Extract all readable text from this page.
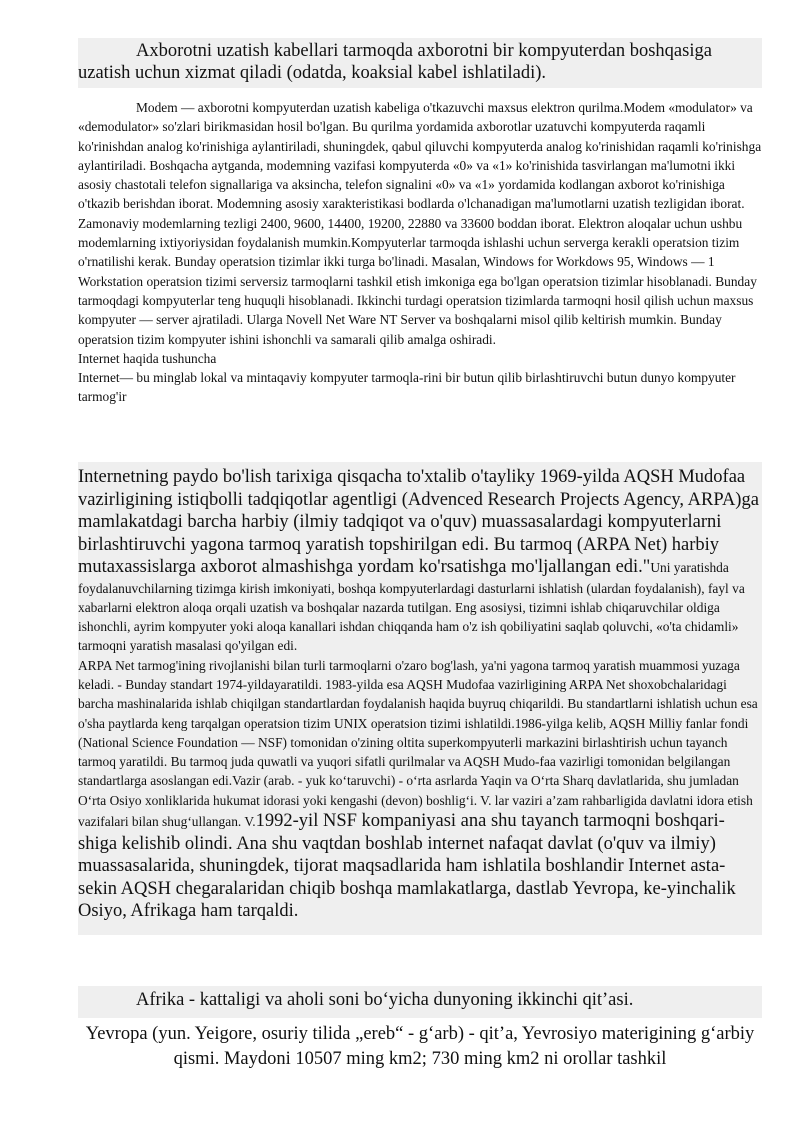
Axborotni uzatish kabellari tarmoqda axborotni bir kompyuterdan boshqasiga uzatish uchun xizmat qiladi (odatda, koaksial kabel ishlatiladi).

Modem — axborotni kompyuterdan uzatish kabeliga o'tkazuvchi maxsus elektron qurilma.Modem «modulator» va «demodulator» so'zlari birikmasidan hosil bo'lgan. Bu qurilma yordamida axborotlar uzatuvchi kompyuterda raqamli ko'rinishdan analog ko'rinishiga aylantiriladi, shuningdek, qabul qiluvchi kompyuterda analog ko'rinishidan raqamli ko'rinishga aylantiriladi. Boshqacha aytganda, modemning vazifasi kompyuterda «0» va «1» ko'rinishida tasvirlangan ma'lumotni ikki asosiy chastotali telefon signallariga va aksincha, telefon signalini «0» va «1» yordamida kodlangan axborot ko'rinishiga o'tkazib berishdan iborat. Modemning asosiy xarakteristikasi bodlarda o'lchanadigan ma'lumotlarni uzatish tezligidan iborat. Zamonaviy modemlarning tezligi 2400, 9600, 14400, 19200, 22880 va 33600 boddan iborat. Elektron aloqalar uchun ushbu modemlarning ixtiyoriysidan foydalanish mumkin.Kompyuterlar tarmoqda ishlashi uchun serverga kerakli operatsion tizim o'rnatilishi kerak. Bunday operatsion tizimlar ikki turga bo'linadi. Masalan, Windows for Workdows 95, Windows — 1 Workstation operatsion tizimi serversiz tarmoqlarni tashkil etish imkoniga ega bo'lgan operatsion tizimlar hisoblanadi. Bunday tarmoqdagi kompyuterlar teng huquqli hisoblanadi. Ikkinchi turdagi operatsion tizimlarda tarmoqni hosil qilish uchun maxsus kompyuter — server ajratiladi. Ularga Novell Net Ware NT Server va boshqalarni misol qilib keltirish mumkin. Bunday operatsion tizim kompyuter ishini ishonchli va samarali qilib amalga oshiradi.

Internet haqida tushuncha

Internet— bu minglab lokal va mintaqaviy kompyuter tarmoqla-rini bir butun qilib birlashtiruvchi butun dunyo kompyuter tarmog'ir

Internetning paydo bo'lish tarixiga qisqacha to'xtalib o'tayliky 1969-yilda AQSH Mudofaa vazirligining istiqbolli tadqiqotlar agentligi (Advenced Research Projects Agency, ARPA)ga mamlakatdagi barcha harbiy (ilmiy tadqiqot va o'quv) muassasalardagi kompyuterlarni birlashtiruvchi yagona tarmoq yaratish topshirilgan edi. Bu tarmoq (ARPA Net) harbiy mutaxassislarga axborot almashishga yordam ko'rsatishga mo'ljallangan edi."Uni yaratishda foydalanuvchilarning tizimga kirish imkoniyati, boshqa kompyuterlardagi dasturlarni ishlatish (ulardan foydalanish), fayl va xabarlarni elektron aloqa orqali uzatish va boshqalar nazarda tutilgan. Eng asosiysi, tizimni ishlab chiqaruvchilar oldiga ishonchli, ayrim kompyuter yoki aloqa kanallari ishdan chiqqanda ham o'z ish qobiliyatini saqlab qoluvchi, «o'ta chidamli» tarmoqni yaratish masalasi qo'yilgan edi.

ARPA Net tarmog'ining rivojlanishi bilan turli tarmoqlarni o'zaro bog'lash, ya'ni yagona tarmoq yaratish muammosi yuzaga keladi. - Bunday standart 1974-yildayaratildi. 1983-yilda esa AQSH Mudofaa vazirligining ARPA Net shoxobchalaridagi barcha mashinalarida ishlab chiqilgan standartlardan foydalanish haqida buyruq chiqarildi. Bu standartlarni ishlatish uchun esa o'sha paytlarda keng tarqalgan operatsion tizim UNIX operatsion tizimi ishlatildi.1986-yilga kelib, AQSH Milliy fanlar fondi (National Science Foundation — NSF) tomonidan o'zining oltita superkompyuterli markazini birlashtirish uchun tayanch tarmoq yaratildi. Bu tarmoq juda quwatli va yuqori sifatli qurilmalar va AQSH Mudo-faa vazirligi tomonidan belgilangan standartlarga asoslangan edi.Vazir (arab. - yuk ko‘taruvchi) - o‘rta asrlarda Yaqin va O‘rta Sharq davlatlarida, shu jumladan O‘rta Osiyo xonliklarida hukumat idorasi yoki kengashi (devon) boshlig‘i. V. lar vaziri a’zam rahbarligida davlatni idora etish vazifalari bilan shug‘ullangan. V.1992-yil NSF kompaniyasi ana shu tayanch tarmoqni boshqari-shiga kelishib olindi. Ana shu vaqtdan boshlab internet nafaqat davlat (o'quv va ilmiy) muassasalarida, shuningdek, tijorat maqsadlarida ham ishlatila boshlandir Internet asta-sekin AQSH chegaralaridan chiqib boshqa mamlakatlarga, dastlab Yevropa, ke-yinchalik Osiyo, Afrikaga ham tarqaldi.

Afrika - kattaligi va aholi soni bo‘yicha dunyoning ikkinchi qit’asi.

Yevropa (yun. Yeigore, osuriy tilida „ereb“ - g‘arb) - qit’a, Yevrosiyo materigining g‘arbiy qismi. Maydoni 10507 ming km2; 730 ming km2 ni orollar tashkil
